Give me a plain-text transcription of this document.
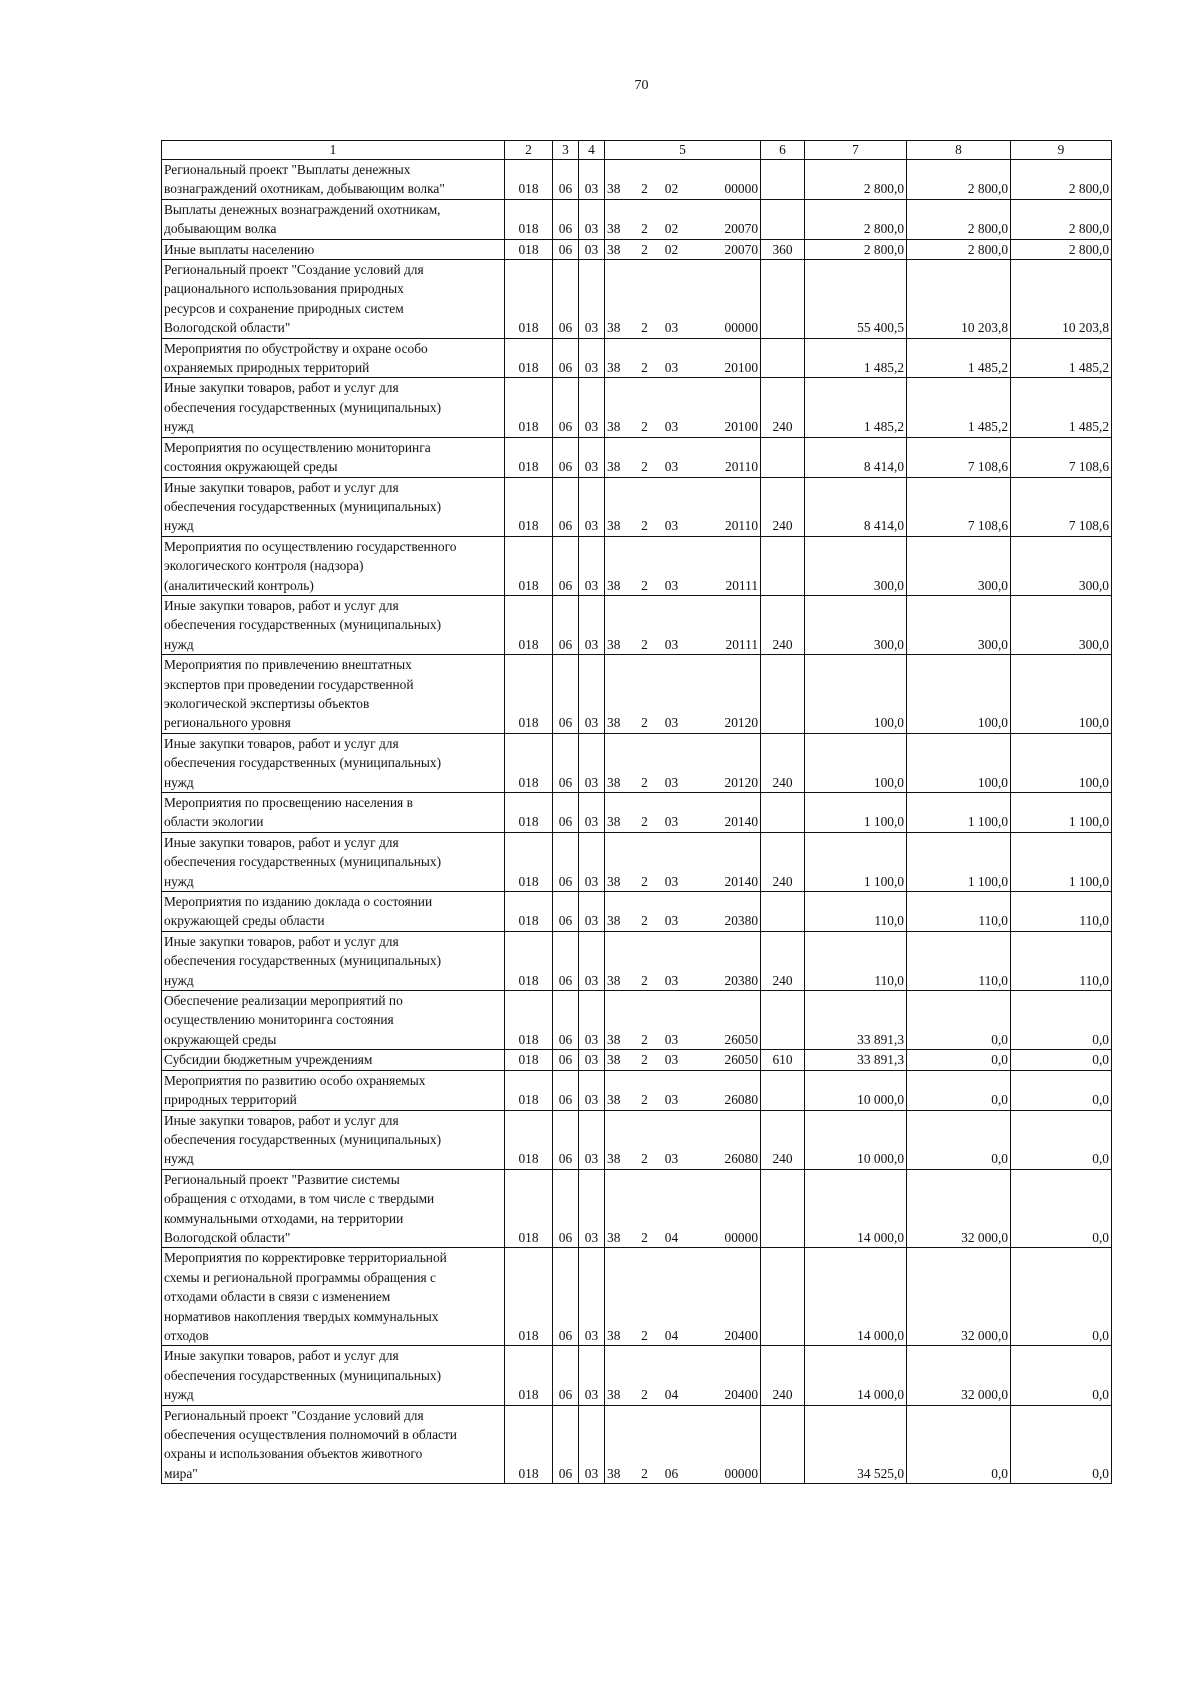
70
1	2	3	4	5				6	7	8	9
Региональный проект "Выплаты денежных
вознаграждений охотникам, добывающим волка"	018	06	03	38	2	02	00000		2 800,0	2 800,0	2 800,0
Выплаты денежных вознаграждений охотникам,
добывающим волка	018	06	03	38	2	02	20070		2 800,0	2 800,0	2 800,0
Иные выплаты населению	018	06	03	38	2	02	20070	360	2 800,0	2 800,0	2 800,0
Региональный проект "Создание условий для
рационального использования природных
ресурсов и сохранение природных систем
Вологодской области"	018	06	03	38	2	03	00000		55 400,5	10 203,8	10 203,8
Мероприятия по обустройству и охране особо
охраняемых природных территорий	018	06	03	38	2	03	20100		1 485,2	1 485,2	1 485,2
Иные закупки товаров, работ и услуг для
обеспечения государственных (муниципальных)
нужд	018	06	03	38	2	03	20100	240	1 485,2	1 485,2	1 485,2
Мероприятия по осуществлению мониторинга
состояния окружающей среды	018	06	03	38	2	03	20110		8 414,0	7 108,6	7 108,6
Иные закупки товаров, работ и услуг для
обеспечения государственных (муниципальных)
нужд	018	06	03	38	2	03	20110	240	8 414,0	7 108,6	7 108,6
Мероприятия по осуществлению государственного
экологического контроля (надзора)
(аналитический контроль)	018	06	03	38	2	03	20111		300,0	300,0	300,0
Иные закупки товаров, работ и услуг для
обеспечения государственных (муниципальных)
нужд	018	06	03	38	2	03	20111	240	300,0	300,0	300,0
Мероприятия по привлечению внештатных
экспертов при проведении государственной
экологической экспертизы объектов
регионального уровня	018	06	03	38	2	03	20120		100,0	100,0	100,0
Иные закупки товаров, работ и услуг для
обеспечения государственных (муниципальных)
нужд	018	06	03	38	2	03	20120	240	100,0	100,0	100,0
Мероприятия по просвещению населения в
области экологии	018	06	03	38	2	03	20140		1 100,0	1 100,0	1 100,0
Иные закупки товаров, работ и услуг для
обеспечения государственных (муниципальных)
нужд	018	06	03	38	2	03	20140	240	1 100,0	1 100,0	1 100,0
Мероприятия по изданию доклада о состоянии
окружающей среды области	018	06	03	38	2	03	20380		110,0	110,0	110,0
Иные закупки товаров, работ и услуг для
обеспечения государственных (муниципальных)
нужд	018	06	03	38	2	03	20380	240	110,0	110,0	110,0
Обеспечение реализации мероприятий по
осуществлению мониторинга состояния
окружающей среды	018	06	03	38	2	03	26050		33 891,3	0,0	0,0
Субсидии бюджетным учреждениям	018	06	03	38	2	03	26050	610	33 891,3	0,0	0,0
Мероприятия по развитию особо охраняемых
природных территорий	018	06	03	38	2	03	26080		10 000,0	0,0	0,0
Иные закупки товаров, работ и услуг для
обеспечения государственных (муниципальных)
нужд	018	06	03	38	2	03	26080	240	10 000,0	0,0	0,0
Региональный проект "Развитие системы
обращения с отходами, в том числе с твердыми
коммунальными отходами, на территории
Вологодской области"	018	06	03	38	2	04	00000		14 000,0	32 000,0	0,0
Мероприятия по корректировке территориальной
схемы и региональной программы обращения с
отходами области в связи с изменением
нормативов накопления твердых коммунальных
отходов	018	06	03	38	2	04	20400		14 000,0	32 000,0	0,0
Иные закупки товаров, работ и услуг для
обеспечения государственных (муниципальных)
нужд	018	06	03	38	2	04	20400	240	14 000,0	32 000,0	0,0
Региональный проект "Создание условий для
обеспечения осуществления полномочий в области
охраны и использования объектов животного
мира"	018	06	03	38	2	06	00000		34 525,0	0,0	0,0
